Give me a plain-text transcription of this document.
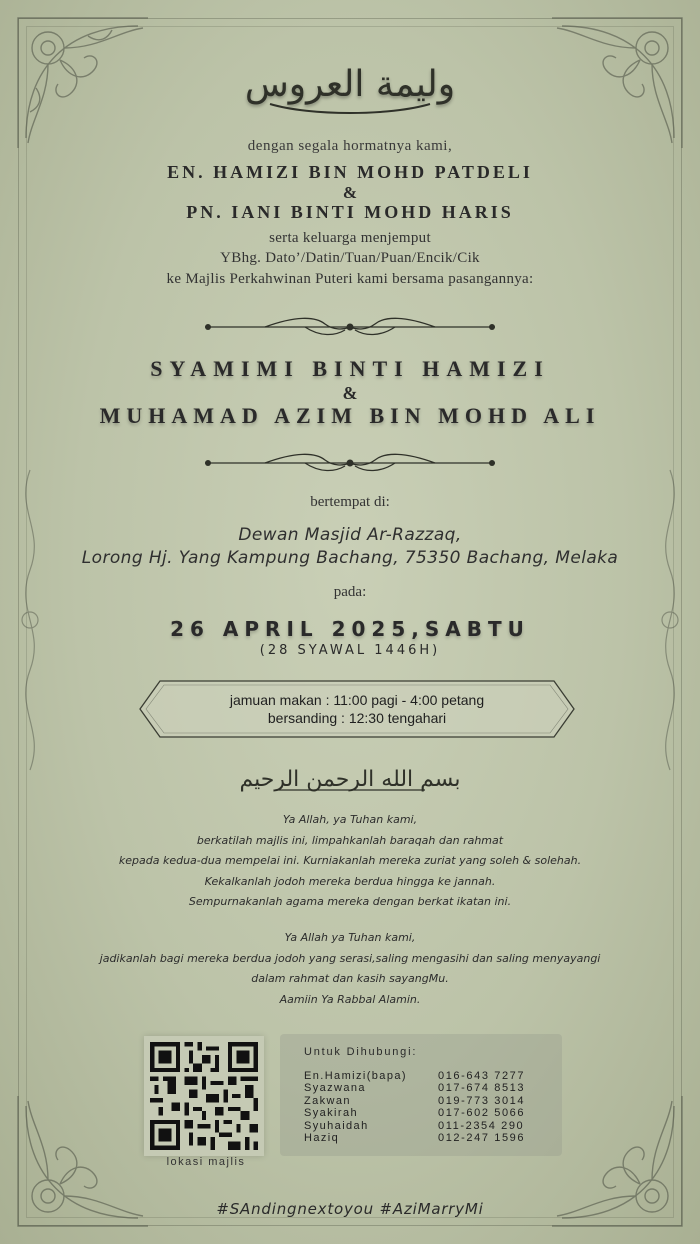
وليمة العروس
dengan segala hormatnya kami,
EN. HAMIZI BIN MOHD PATDELI
&
PN. IANI BINTI MOHD HARIS
serta keluarga menjemput
YBhg. Dato’/Datin/Tuan/Puan/Encik/Cik
ke Majlis Perkahwinan Puteri kami bersama pasangannya:
SYAMIMI BINTI HAMIZI
&
MUHAMAD AZIM BIN MOHD ALI
bertempat di:
Dewan Masjid Ar-Razzaq,
Lorong Hj. Yang Kampung Bachang, 75350 Bachang, Melaka
pada:
26 APRIL 2025,SABTU
(28 SYAWAL 1446H)
jamuan makan : 11:00 pagi - 4:00 petang
bersanding : 12:30 tengahari
بسم الله الرحمن الرحيم
Ya Allah, ya Tuhan kami,
berkatilah majlis ini, limpahkanlah baraqah dan rahmat
kepada kedua-dua mempelai ini. Kurniakanlah mereka zuriat yang soleh & solehah.
Kekalkanlah jodoh mereka berdua hingga ke jannah.
Sempurnakanlah agama mereka dengan berkat ikatan ini.
Ya Allah ya Tuhan kami,
jadikanlah bagi mereka berdua jodoh yang serasi,saling mengasihi dan saling menyayangi
dalam rahmat dan kasih sayangMu.
Aamiin Ya Rabbal Alamin.
lokasi majlis
Untuk Dihubungi:
En.Hamizi(bapa)	016-643 7277
Syazwana	017-674 8513
Zakwan	019-773 3014
Syakirah	017-602 5066
Syuhaidah	011-2354 290
Haziq	012-247 1596
#SAndingnextoyou #AziMarryMi
